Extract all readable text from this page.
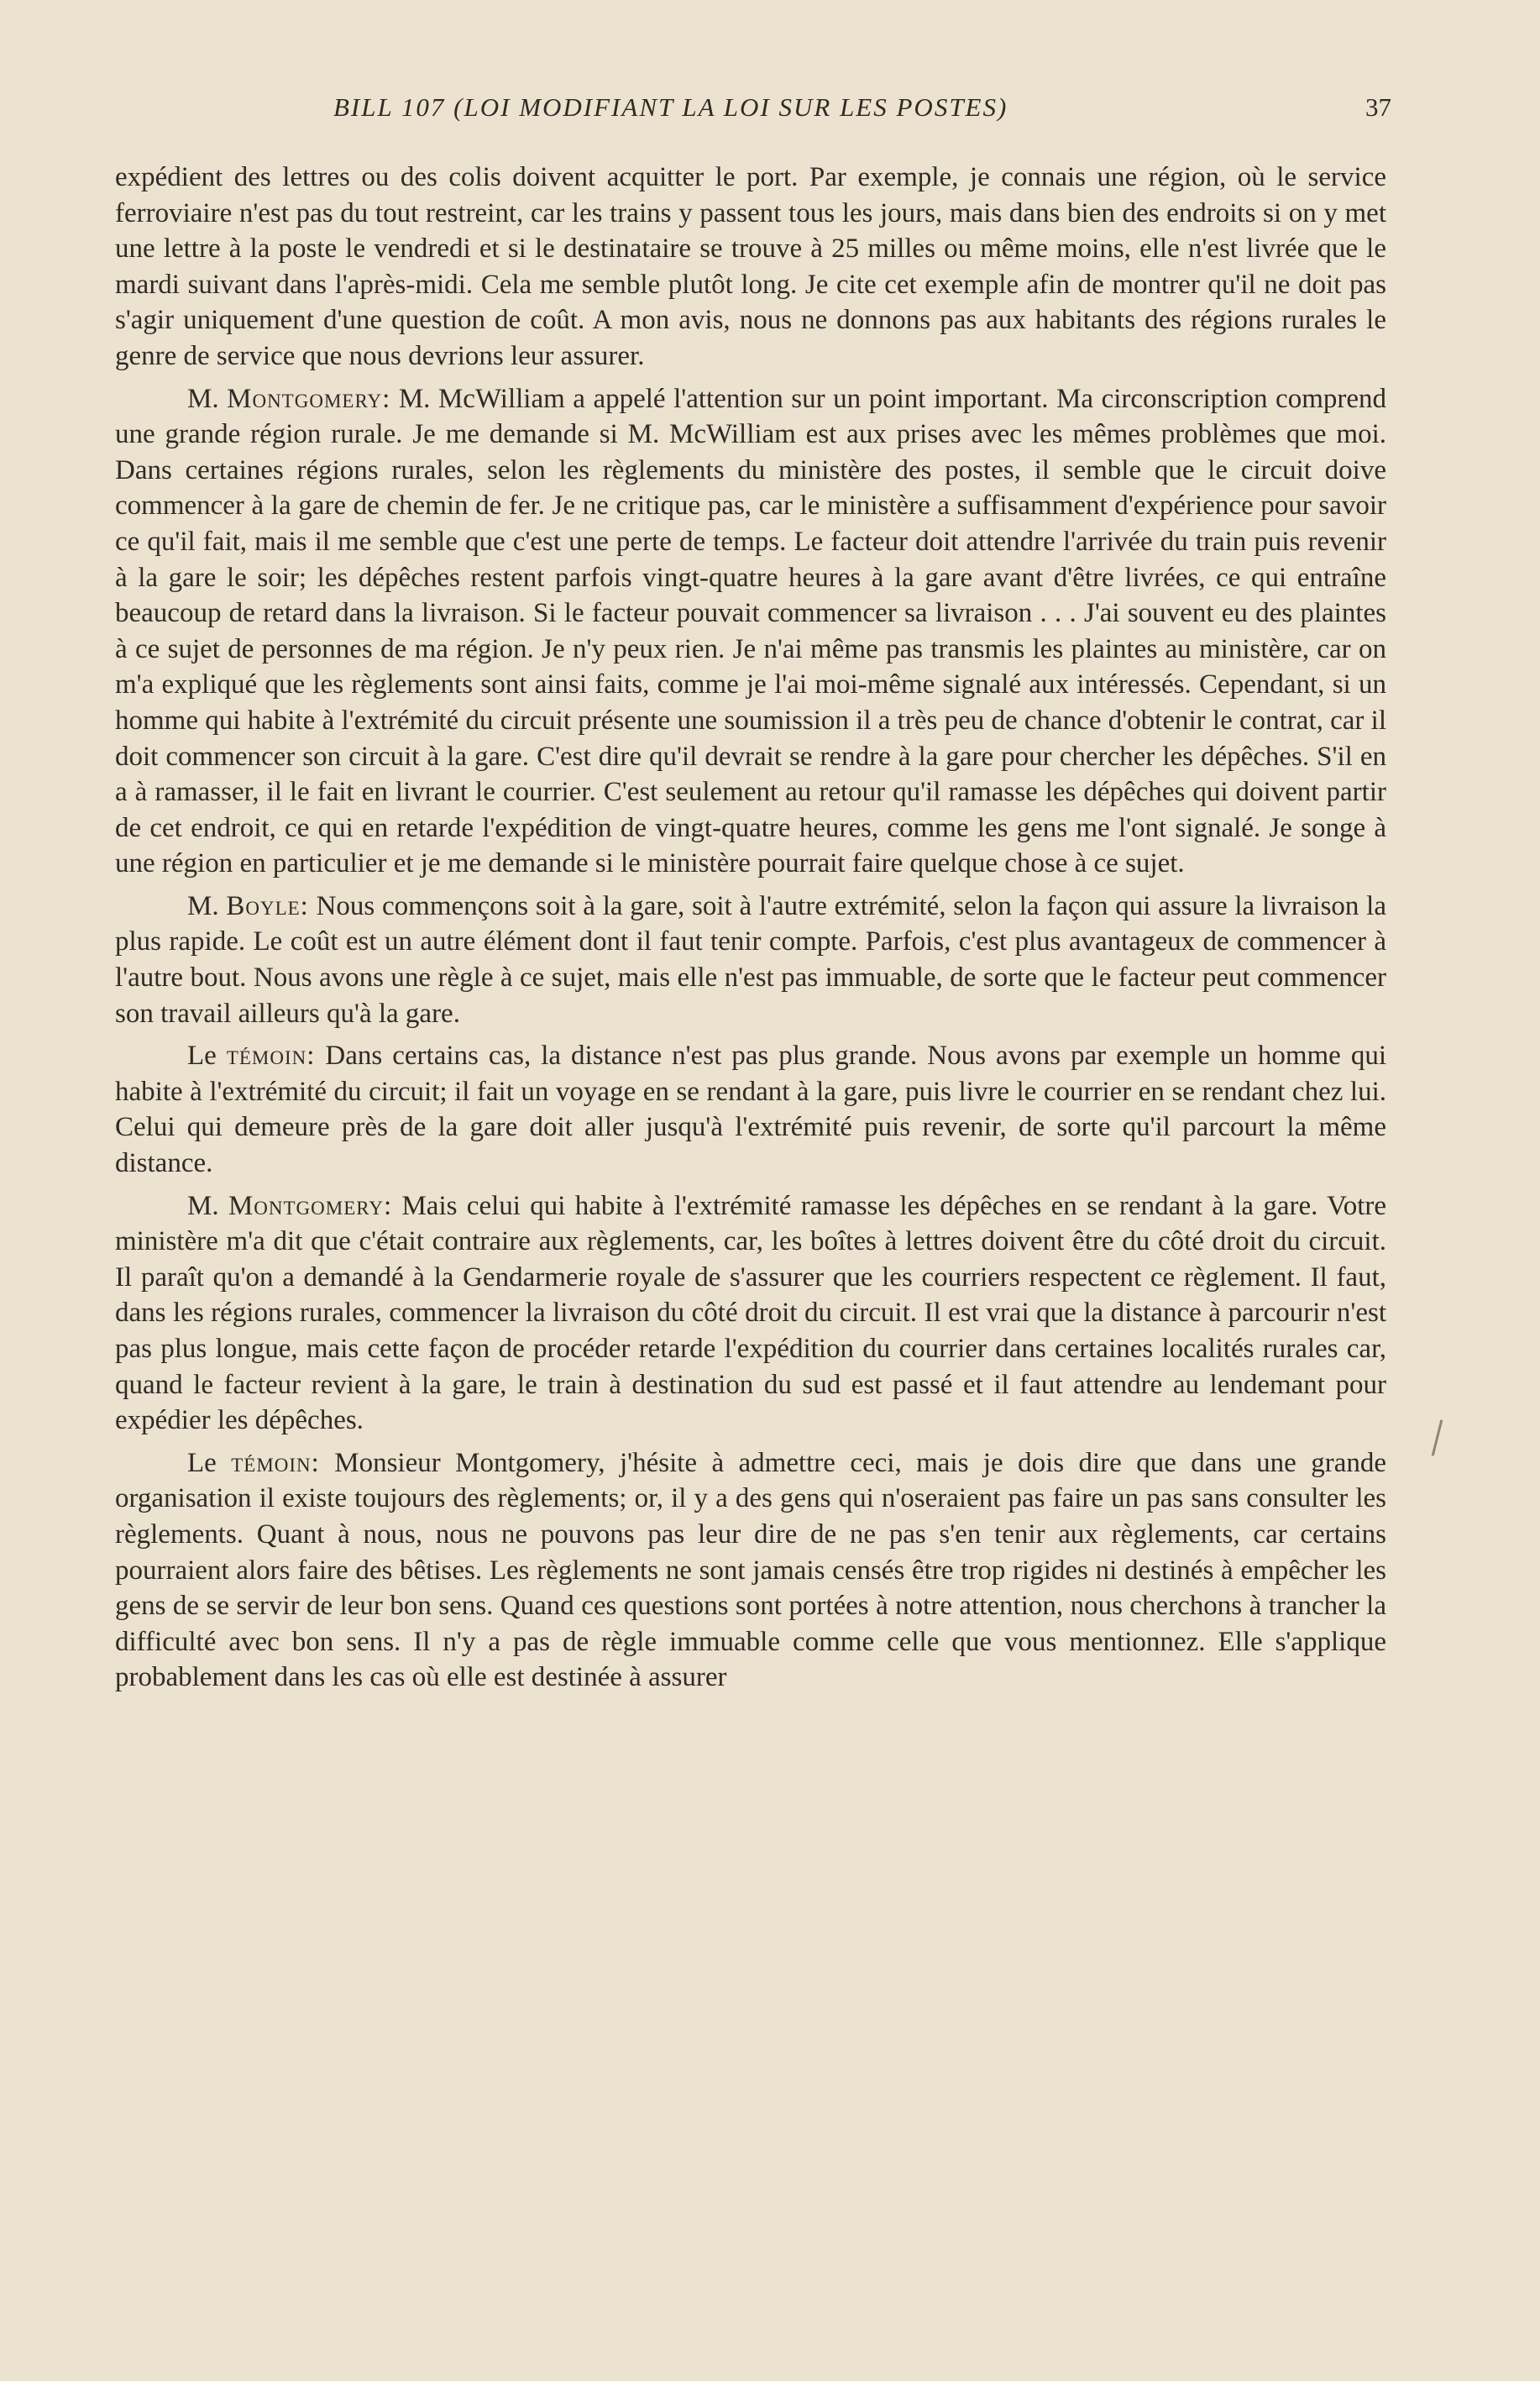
BILL 107 (LOI MODIFIANT LA LOI SUR LES POSTES)	37

expédient des lettres ou des colis doivent acquitter le port. Par exemple, je connais une région, où le service ferroviaire n'est pas du tout restreint, car les trains y passent tous les jours, mais dans bien des endroits si on y met une lettre à la poste le vendredi et si le destinataire se trouve à 25 milles ou même moins, elle n'est livrée que le mardi suivant dans l'après-midi. Cela me semble plutôt long. Je cite cet exemple afin de montrer qu'il ne doit pas s'agir uniquement d'une question de coût. A mon avis, nous ne donnons pas aux habitants des régions rurales le genre de service que nous devrions leur assurer.

M. Montgomery: M. McWilliam a appelé l'attention sur un point important. Ma circonscription comprend une grande région rurale. Je me demande si M. McWilliam est aux prises avec les mêmes problèmes que moi. Dans certaines régions rurales, selon les règlements du ministère des postes, il semble que le circuit doive commencer à la gare de chemin de fer. Je ne critique pas, car le ministère a suffisamment d'expérience pour savoir ce qu'il fait, mais il me semble que c'est une perte de temps. Le facteur doit attendre l'arrivée du train puis revenir à la gare le soir; les dépêches restent parfois vingt-quatre heures à la gare avant d'être livrées, ce qui entraîne beaucoup de retard dans la livraison. Si le facteur pouvait commencer sa livraison . . . J'ai souvent eu des plaintes à ce sujet de personnes de ma région. Je n'y peux rien. Je n'ai même pas transmis les plaintes au ministère, car on m'a expliqué que les règlements sont ainsi faits, comme je l'ai moi-même signalé aux intéressés. Cependant, si un homme qui habite à l'extrémité du circuit présente une soumission il a très peu de chance d'obtenir le contrat, car il doit commencer son circuit à la gare. C'est dire qu'il devrait se rendre à la gare pour chercher les dépêches. S'il en a à ramasser, il le fait en livrant le courrier. C'est seulement au retour qu'il ramasse les dépêches qui doivent partir de cet endroit, ce qui en retarde l'expédition de vingt-quatre heures, comme les gens me l'ont signalé. Je songe à une région en particulier et je me demande si le ministère pourrait faire quelque chose à ce sujet.

M. Boyle: Nous commençons soit à la gare, soit à l'autre extrémité, selon la façon qui assure la livraison la plus rapide. Le coût est un autre élément dont il faut tenir compte. Parfois, c'est plus avantageux de commencer à l'autre bout. Nous avons une règle à ce sujet, mais elle n'est pas immuable, de sorte que le facteur peut commencer son travail ailleurs qu'à la gare.

Le témoin: Dans certains cas, la distance n'est pas plus grande. Nous avons par exemple un homme qui habite à l'extrémité du circuit; il fait un voyage en se rendant à la gare, puis livre le courrier en se rendant chez lui. Celui qui demeure près de la gare doit aller jusqu'à l'extrémité puis revenir, de sorte qu'il parcourt la même distance.

M. Montgomery: Mais celui qui habite à l'extrémité ramasse les dépêches en se rendant à la gare. Votre ministère m'a dit que c'était contraire aux règlements, car, les boîtes à lettres doivent être du côté droit du circuit. Il paraît qu'on a demandé à la Gendarmerie royale de s'assurer que les courriers respectent ce règlement. Il faut, dans les régions rurales, commencer la livraison du côté droit du circuit. Il est vrai que la distance à parcourir n'est pas plus longue, mais cette façon de procéder retarde l'expédition du courrier dans certaines localités rurales car, quand le facteur revient à la gare, le train à destination du sud est passé et il faut attendre au lendemant pour expédier les dépêches.

Le témoin: Monsieur Montgomery, j'hésite à admettre ceci, mais je dois dire que dans une grande organisation il existe toujours des règlements; or, il y a des gens qui n'oseraient pas faire un pas sans consulter les règlements. Quant à nous, nous ne pouvons pas leur dire de ne pas s'en tenir aux règlements, car certains pourraient alors faire des bêtises. Les règlements ne sont jamais censés être trop rigides ni destinés à empêcher les gens de se servir de leur bon sens. Quand ces questions sont portées à notre attention, nous cherchons à trancher la difficulté avec bon sens. Il n'y a pas de règle immuable comme celle que vous mentionnez. Elle s'applique probablement dans les cas où elle est destinée à assurer
